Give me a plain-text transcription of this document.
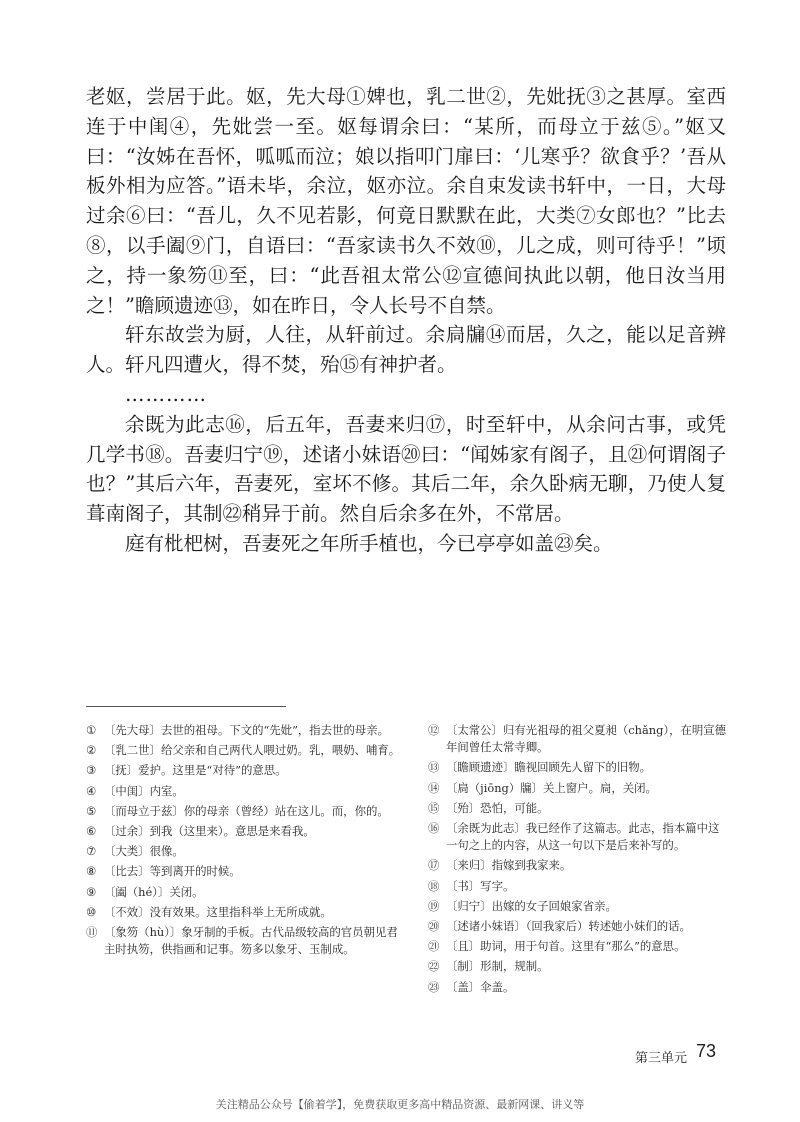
老妪，尝居于此。妪，先大母①婢也，乳二世②，先妣抚③之甚厚。室西连于中闺④，先妣尝一至。妪每谓余曰：“某所，而母立于兹⑤。”妪又曰：“汝姊在吾怀，呱呱而泣；娘以指叩门扉曰：‘儿寒乎？欲食乎？’吾从板外相为应答。”语未毕，余泣，妪亦泣。余自束发读书轩中，一日，大母过余⑥曰：“吾儿，久不见若影，何竟日默默在此，大类⑦女郎也？”比去⑧，以手阖⑨门，自语曰：“吾家读书久不效⑩，儿之成，则可待乎！”顷之，持一象笏⑪至，曰：“此吾祖太常公⑫宣德间执此以朝，他日汝当用之！”瞻顾遗迹⑬，如在昨日，令人长号不自禁。

轩东故尝为厨，人往，从轩前过。余扃牖⑭而居，久之，能以足音辨人。轩凡四遭火，得不焚，殆⑮有神护者。

…………

余既为此志⑯，后五年，吾妻来归⑰，时至轩中，从余问古事，或凭几学书⑱。吾妻归宁⑲，述诸小妹语⑳曰：“闻姊家有阁子，且㉑何谓阁子也？”其后六年，吾妻死，室坏不修。其后二年，余久卧病无聊，乃使人复葺南阁子，其制㉒稍异于前。然自后余多在外，不常居。

庭有枇杷树，吾妻死之年所手植也，今已亭亭如盖㉓矣。

① 〔先大母〕去世的祖母。下文的“先妣”，指去世的母亲。
② 〔乳二世〕给父亲和自己两代人喂过奶。乳，喂奶、哺育。
③ 〔抚〕爱护。这里是“对待”的意思。
④ 〔中闺〕内室。
⑤ 〔而母立于兹〕你的母亲（曾经）站在这儿。而，你的。
⑥ 〔过余〕到我（这里来）。意思是来看我。
⑦ 〔大类〕很像。
⑧ 〔比去〕等到离开的时候。
⑨ 〔阖（hé）〕关闭。
⑩ 〔不效〕没有效果。这里指科举上无所成就。
⑪ 〔象笏（hù）〕象牙制的手板。古代品级较高的官员朝见君主时执笏，供指画和记事。笏多以象牙、玉制成。
⑫ 〔太常公〕归有光祖母的祖父夏昶（chǎng），在明宣德年间曾任太常寺卿。
⑬ 〔瞻顾遗迹〕瞻视回顾先人留下的旧物。
⑭ 〔扃（jiōng）牖〕关上窗户。扃，关闭。
⑮ 〔殆〕恐怕，可能。
⑯ 〔余既为此志〕我已经作了这篇志。此志，指本篇中这一句之上的内容，从这一句以下是后来补写的。
⑰ 〔来归〕指嫁到我家来。
⑱ 〔书〕写字。
⑲ 〔归宁〕出嫁的女子回娘家省亲。
⑳ 〔述诸小妹语〕（回我家后）转述她小妹们的话。
㉑ 〔且〕助词，用于句首。这里有“那么”的意思。
㉒ 〔制〕形制，规制。
㉓ 〔盖〕伞盖。
第三单元 73
关注精品公众号【偷着学】，免费获取更多高中精品资源、最新网课、讲义等
